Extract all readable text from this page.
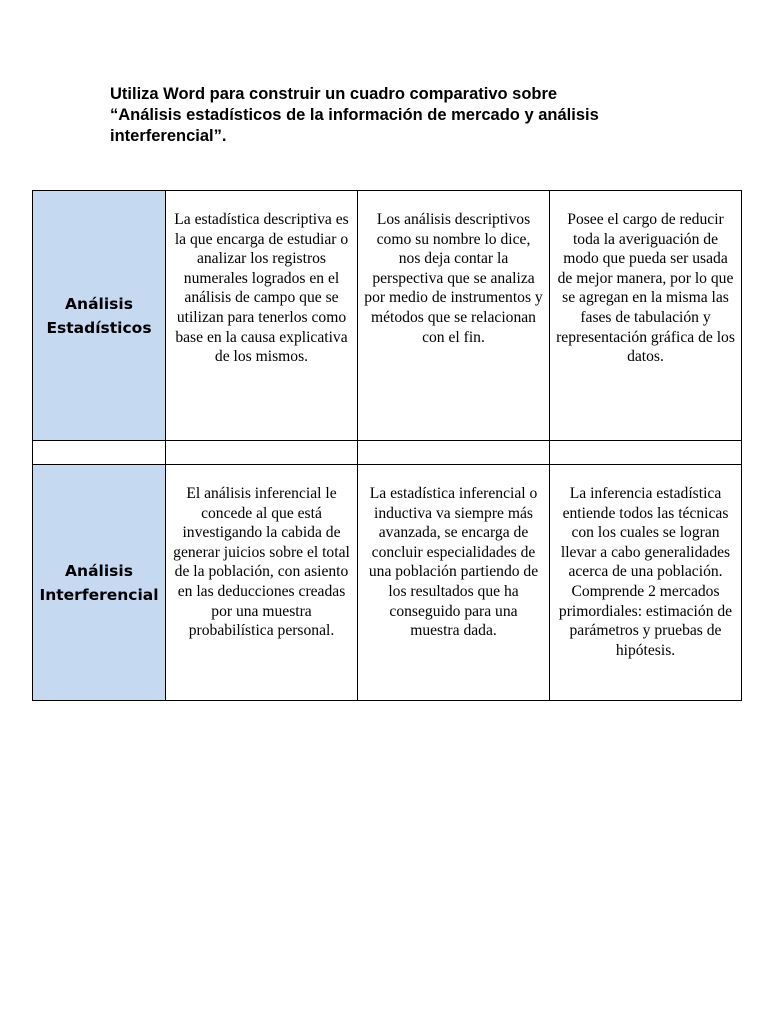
Utiliza Word para construir un cuadro comparativo sobre
“Análisis estadísticos de la información de mercado y análisis
interferencial”.
Análisis
Estadísticos	La estadística descriptiva es la que encarga de estudiar o analizar los registros numerales logrados en el análisis de campo que se utilizan para tenerlos como base en la causa explicativa de los mismos.	Los análisis descriptivos como su nombre lo dice, nos deja contar la perspectiva que se analiza por medio de instrumentos y métodos que se relacionan con el fin.	Posee el cargo de reducir toda la averiguación de modo que pueda ser usada de mejor manera, por lo que se agregan en la misma las fases de tabulación y representación gráfica de los datos.

Análisis
Interferencial	El análisis inferencial le concede al que está investigando la cabida de generar juicios sobre el total de la población, con asiento en las deducciones creadas por una muestra probabilística personal.	La estadística inferencial o inductiva va siempre más avanzada, se encarga de concluir especialidades de una población partiendo de los resultados que ha conseguido para una muestra dada.	La inferencia estadística entiende todos las técnicas con los cuales se logran llevar a cabo generalidades acerca de una población. Comprende 2 mercados primordiales: estimación de parámetros y pruebas de hipótesis.
